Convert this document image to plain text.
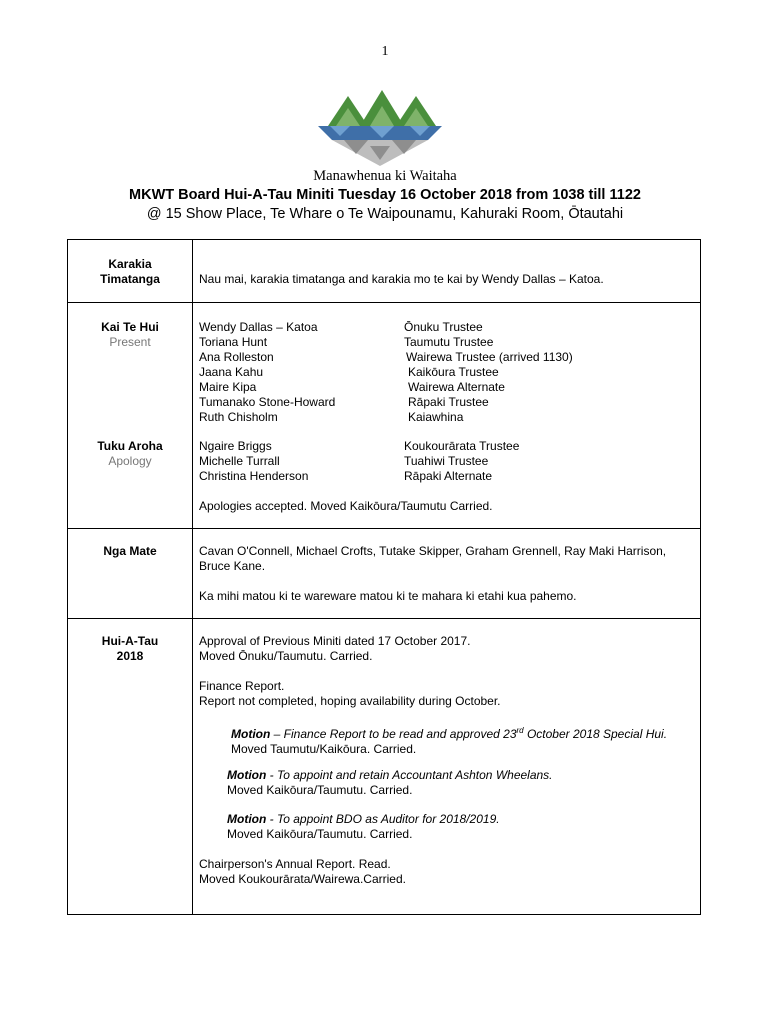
1
Manawhenua ki Waitaha
MKWT Board Hui-A-Tau Miniti Tuesday 16 October 2018 from 1038 till 1122
@ 15 Show Place, Te Whare o Te Waipounamu, Kahuraki Room, Ōtautahi
Karakia
Timatanga	Nau mai, karakia timatanga and karakia mo te kai by Wendy Dallas – Katoa.
Kai Te Hui
Present
Wendy Dallas – Katoa
Toriana Hunt
Ana Rolleston
Jaana Kahu
Maire Kipa
Tumanako Stone-Howard
Ruth Chisholm
Ōnuku Trustee
Taumutu Trustee
Wairewa Trustee (arrived 1130)
Kaikōura Trustee
Wairewa Alternate
Rāpaki Trustee
Kaiawhina
Tuku Aroha
Apology
Ngaire Briggs
Michelle Turrall
Christina Henderson
Koukourārata Trustee
Tuahiwi Trustee
Rāpaki Alternate
Apologies accepted. Moved Kaikōura/Taumutu Carried.
Nga Mate	Cavan O'Connell, Michael Crofts, Tutake Skipper, Graham Grennell, Ray Maki Harrison,
Bruce Kane.
Ka mihi matou ki te wareware matou ki te mahara ki etahi kua pahemo.
Hui-A-Tau
2018
Approval of Previous Miniti dated 17 October 2017.
Moved Ōnuku/Taumutu. Carried.
Finance Report.
Report not completed, hoping availability during October.
Motion – Finance Report to be read and approved 23rd October 2018 Special Hui.
Moved Taumutu/Kaikōura. Carried.
Motion - To appoint and retain Accountant Ashton Wheelans.
Moved Kaikōura/Taumutu. Carried.
Motion - To appoint BDO as Auditor for 2018/2019.
Moved Kaikōura/Taumutu. Carried.
Chairperson's Annual Report. Read.
Moved Koukourārata/Wairewa.Carried.
